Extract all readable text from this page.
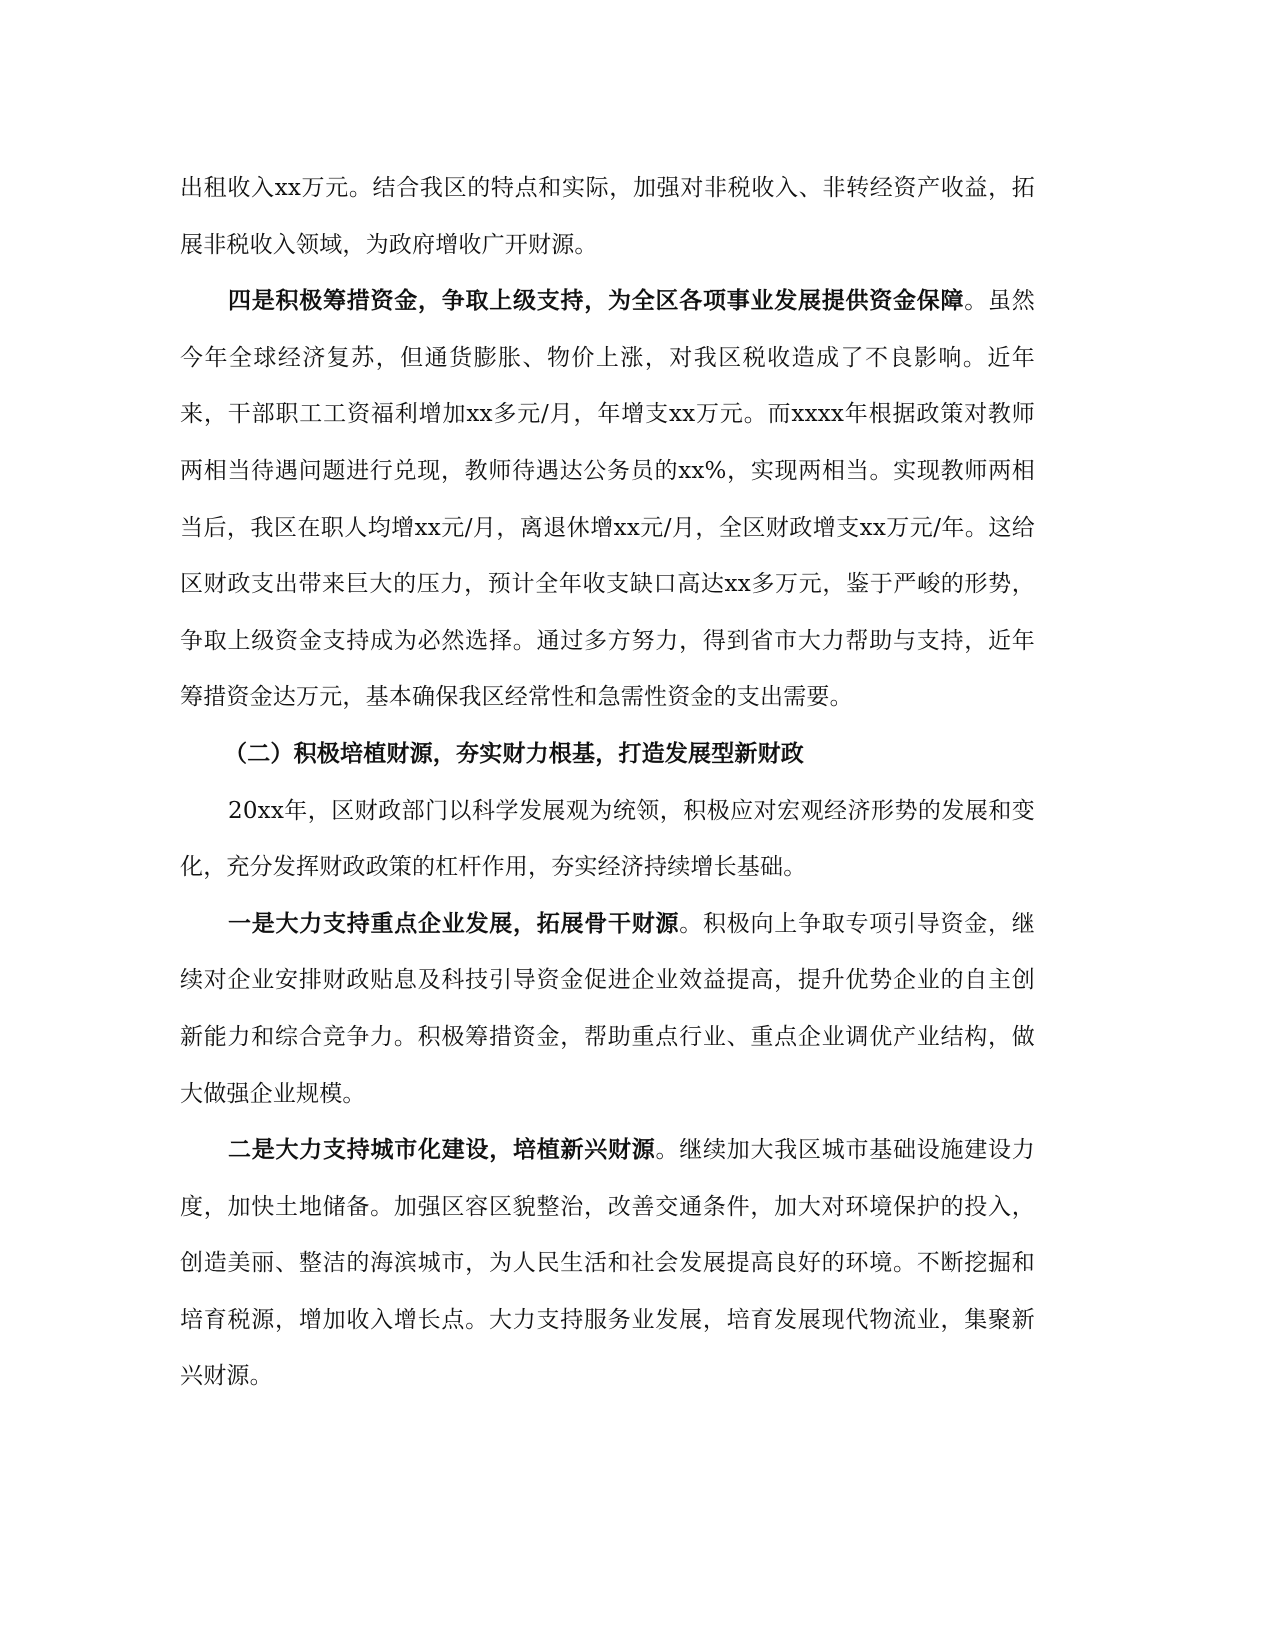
出租收入xx万元。结合我区的特点和实际，加强对非税收入、非转经资产收益，拓展非税收入领域，为政府增收广开财源。

四是积极筹措资金，争取上级支持，为全区各项事业发展提供资金保障。虽然今年全球经济复苏，但通货膨胀、物价上涨，对我区税收造成了不良影响。近年来，干部职工工资福利增加xx多元/月，年增支xx万元。而xxxx年根据政策对教师两相当待遇问题进行兑现，教师待遇达公务员的xx%，实现两相当。实现教师两相当后，我区在职人均增xx元/月，离退休增xx元/月，全区财政增支xx万元/年。这给区财政支出带来巨大的压力，预计全年收支缺口高达xx多万元，鉴于严峻的形势，争取上级资金支持成为必然选择。通过多方努力，得到省市大力帮助与支持，近年筹措资金达万元，基本确保我区经常性和急需性资金的支出需要。

（二）积极培植财源，夯实财力根基，打造发展型新财政

20xx年，区财政部门以科学发展观为统领，积极应对宏观经济形势的发展和变化，充分发挥财政政策的杠杆作用，夯实经济持续增长基础。

一是大力支持重点企业发展，拓展骨干财源。积极向上争取专项引导资金，继续对企业安排财政贴息及科技引导资金促进企业效益提高，提升优势企业的自主创新能力和综合竞争力。积极筹措资金，帮助重点行业、重点企业调优产业结构，做大做强企业规模。

二是大力支持城市化建设，培植新兴财源。继续加大我区城市基础设施建设力度，加快土地储备。加强区容区貌整治，改善交通条件，加大对环境保护的投入，创造美丽、整洁的海滨城市，为人民生活和社会发展提高良好的环境。不断挖掘和培育税源，增加收入增长点。大力支持服务业发展，培育发展现代物流业，集聚新兴财源。
